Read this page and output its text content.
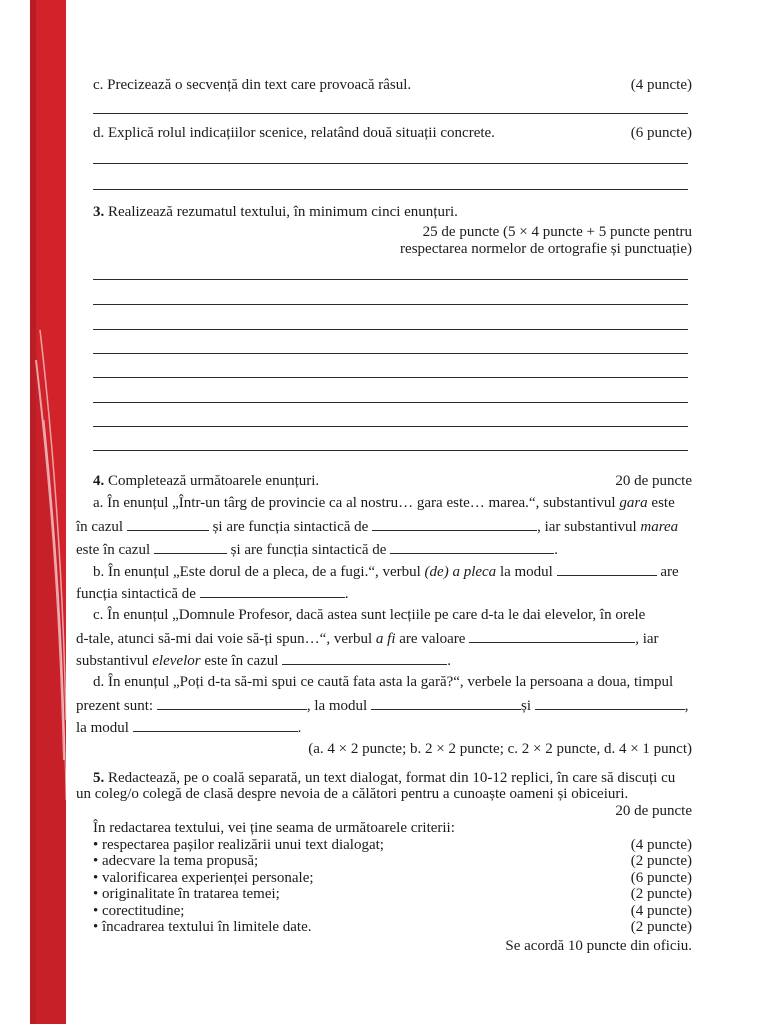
c. Precizează o secvență din text care provoacă râsul.	(4 puncte)
d. Explică rolul indicațiilor scenice, relatând două situații concrete.	(6 puncte)
3. Realizează rezumatul textului, în minimum cinci enunțuri.
25 de puncte (5 × 4 puncte + 5 puncte pentru
respectarea normelor de ortografie și punctuație)
4. Completează următoarele enunțuri.	20 de puncte
a. În enunțul „Într-un târg de provincie ca al nostru… gara este… marea.“, substantivul gara este
în cazul	și are funcția sintactică de	, iar substantivul marea
este în cazul	și are funcția sintactică de	.
b. În enunțul „Este dorul de a pleca, de a fugi.“, verbul (de) a pleca la modul	are
funcția sintactică de	.
c. În enunțul „Domnule Profesor, dacă astea sunt lecțiile pe care d-ta le dai elevelor, în orele
d-tale, atunci să-mi dai voie să-ți spun…“, verbul a fi are valoare	, iar
substantivul elevelor este în cazul	.
d. În enunțul „Poți d-ta să-mi spui ce caută fata asta la gară?“, verbele la persoana a doua, timpul
prezent sunt:	, la modul	și	,
la modul	.
(a. 4 × 2 puncte; b. 2 × 2 puncte; c. 2 × 2 puncte, d. 4 × 1 punct)
5. Redactează, pe o coală separată, un text dialogat, format din 10-12 replici, în care să discuți cu
un coleg/o colegă de clasă despre nevoia de a călători pentru a cunoaște oameni și obiceiuri.
20 de puncte
În redactarea textului, vei ține seama de următoarele criterii:
• respectarea pașilor realizării unui text dialogat;	(4 puncte)
• adecvare la tema propusă;	(2 puncte)
• valorificarea experienței personale;	(6 puncte)
• originalitate în tratarea temei;	(2 puncte)
• corectitudine;	(4 puncte)
• încadrarea textului în limitele date.	(2 puncte)
Se acordă 10 puncte din oficiu.
